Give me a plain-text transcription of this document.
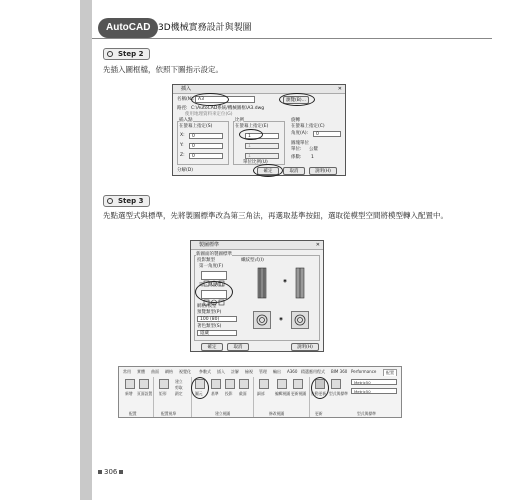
AutoCAD 3D機械實務設計與製圖
Step 2
先插入圖框檔，依照下圖指示設定。
插入	✕
名稱(N): A3	瀏覽(B)...
路徑: C:\AutoCAD系統/機械圖框\A3.dwg
使用地理資料來定位(G)
插入點
在螢幕上指定(S)
X: 0
Y: 0
Z: 0
比例
在螢幕上指定(E)
1
1
1
單位比例(U)
旋轉
在螢幕上指定(C)
角度(A): 0
圖塊單位
單位: 公釐
係數: 1
分解(D)	確定	取消	說明(H)
Step 3
先點選型式與標準，先將製圖標準改為第三角法，再選取基準按鈕，選取從模型空間將模型轉入配置中。
製圖標準	✕
新圖面的製圖標準
投影類型
第一角度(F)
第三角度(T)
螺紋型式(I)
◉
網格/模型
預覽類型(P)
100 (80)
著色類型(S)
隱藏
◉
確定	取消	說明(H)
常用 實體 曲面 網格 視覺化 參數式 插入 註解 檢視 管理 輸出 A360 精選應用程式 BIM 360 Performance	配置
新增 頁面設置 矩形
建立
剪取
鎖定	圖元 基準 投影 截面	細部	編輯視圖 更新視圖 自動更新 型式與標準
Metric50
Metric50
配置	配置視埠	建立視圖	修改視圖	更新	型式與標準
306
